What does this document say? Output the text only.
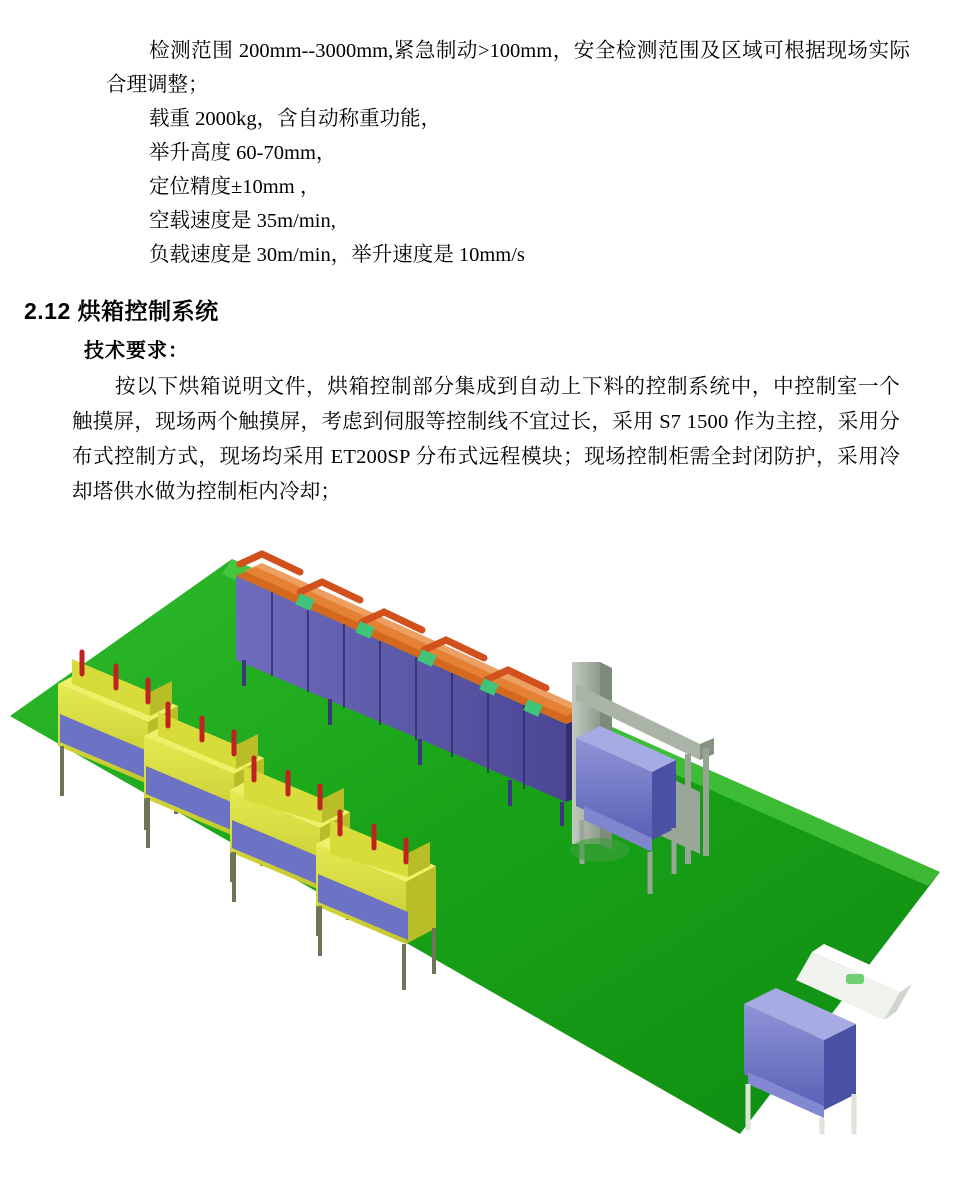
检测范围 200mm--3000mm,紧急制动>100mm，安全检测范围及区域可根据现场实际合理调整；

载重 2000kg，含自动称重功能，

举升高度 60-70mm，

定位精度±10mm ，

空载速度是 35m/min,

负载速度是 30m/min，举升速度是 10mm/s

2.12 烘箱控制系统

技术要求：

按以下烘箱说明文件，烘箱控制部分集成到自动上下料的控制系统中，中控制室一个触摸屏，现场两个触摸屏，考虑到伺服等控制线不宜过长，采用 S7 1500 作为主控，采用分布式控制方式，现场均采用 ET200SP 分布式远程模块；现场控制柜需全封闭防护，采用冷却塔供水做为控制柜内冷却；
